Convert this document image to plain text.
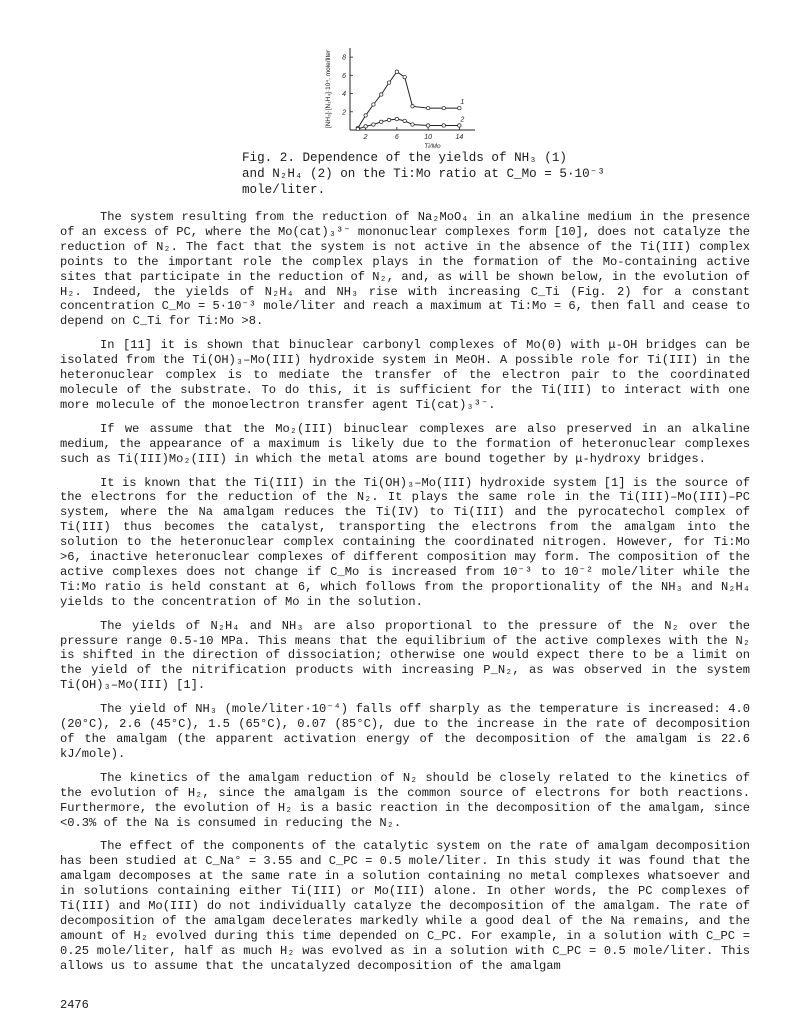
2	6	10	14
2
4
6
8
Ti/Mo
[NH₃]·[N₂H₄]·10⁴, mole/liter	1
2

Fig. 2. Dependence of the yields of NH₃ (1)

and N₂H₄ (2) on the Ti:Mo ratio at C_Mo = 5·10⁻³

mole/liter.

The system resulting from the reduction of Na₂MoO₄ in an alkaline medium in the presence of an excess of PC, where the Mo(cat)₃³⁻ mononuclear complexes form [10], does not catalyze the reduction of N₂. The fact that the system is not active in the absence of the Ti(III) complex points to the important role the complex plays in the formation of the Mo-containing active sites that participate in the reduction of N₂, and, as will be shown below, in the evolution of H₂. Indeed, the yields of N₂H₄ and NH₃ rise with increasing C_Ti (Fig. 2) for a constant concentration C_Mo = 5·10⁻³ mole/liter and reach a maximum at Ti:Mo = 6, then fall and cease to depend on C_Ti for Ti:Mo >8.

In [11] it is shown that binuclear carbonyl complexes of Mo(0) with μ-OH bridges can be isolated from the Ti(OH)₃–Mo(III) hydroxide system in MeOH. A possible role for Ti(III) in the heteronuclear complex is to mediate the transfer of the electron pair to the coordinated molecule of the substrate. To do this, it is sufficient for the Ti(III) to interact with one more molecule of the monoelectron transfer agent Ti(cat)₃³⁻.

If we assume that the Mo₂(III) binuclear complexes are also preserved in an alkaline medium, the appearance of a maximum is likely due to the formation of heteronuclear complexes such as Ti(III)Mo₂(III) in which the metal atoms are bound together by μ-hydroxy bridges.

It is known that the Ti(III) in the Ti(OH)₃–Mo(III) hydroxide system [1] is the source of the electrons for the reduction of the N₂. It plays the same role in the Ti(III)–Mo(III)–PC system, where the Na amalgam reduces the Ti(IV) to Ti(III) and the pyrocatechol complex of Ti(III) thus becomes the catalyst, transporting the electrons from the amalgam into the solution to the heteronuclear complex containing the coordinated nitrogen. However, for Ti:Mo >6, inactive heteronuclear complexes of different composition may form. The composition of the active complexes does not change if C_Mo is increased from 10⁻³ to 10⁻² mole/liter while the Ti:Mo ratio is held constant at 6, which follows from the proportionality of the NH₃ and N₂H₄ yields to the concentration of Mo in the solution.

The yields of N₂H₄ and NH₃ are also proportional to the pressure of the N₂ over the pressure range 0.5-10 MPa. This means that the equilibrium of the active complexes with the N₂ is shifted in the direction of dissociation; otherwise one would expect there to be a limit on the yield of the nitrification products with increasing P_N₂, as was observed in the system Ti(OH)₃–Mo(III) [1].

The yield of NH₃ (mole/liter·10⁻⁴) falls off sharply as the temperature is increased: 4.0 (20°C), 2.6 (45°C), 1.5 (65°C), 0.07 (85°C), due to the increase in the rate of decomposition of the amalgam (the apparent activation energy of the decomposition of the amalgam is 22.6 kJ/mole).

The kinetics of the amalgam reduction of N₂ should be closely related to the kinetics of the evolution of H₂, since the amalgam is the common source of electrons for both reactions. Furthermore, the evolution of H₂ is a basic reaction in the decomposition of the amalgam, since <0.3% of the Na is consumed in reducing the N₂.

The effect of the components of the catalytic system on the rate of amalgam decomposition has been studied at C_Na° = 3.55 and C_PC = 0.5 mole/liter. In this study it was found that the amalgam decomposes at the same rate in a solution containing no metal complexes whatsoever and in solutions containing either Ti(III) or Mo(III) alone. In other words, the PC complexes of Ti(III) and Mo(III) do not individually catalyze the decomposition of the amalgam. The rate of decomposition of the amalgam decelerates markedly while a good deal of the Na remains, and the amount of H₂ evolved during this time depended on C_PC. For example, in a solution with C_PC = 0.25 mole/liter, half as much H₂ was evolved as in a solution with C_PC = 0.5 mole/liter. This allows us to assume that the uncatalyzed decomposition of the amalgam

2476
